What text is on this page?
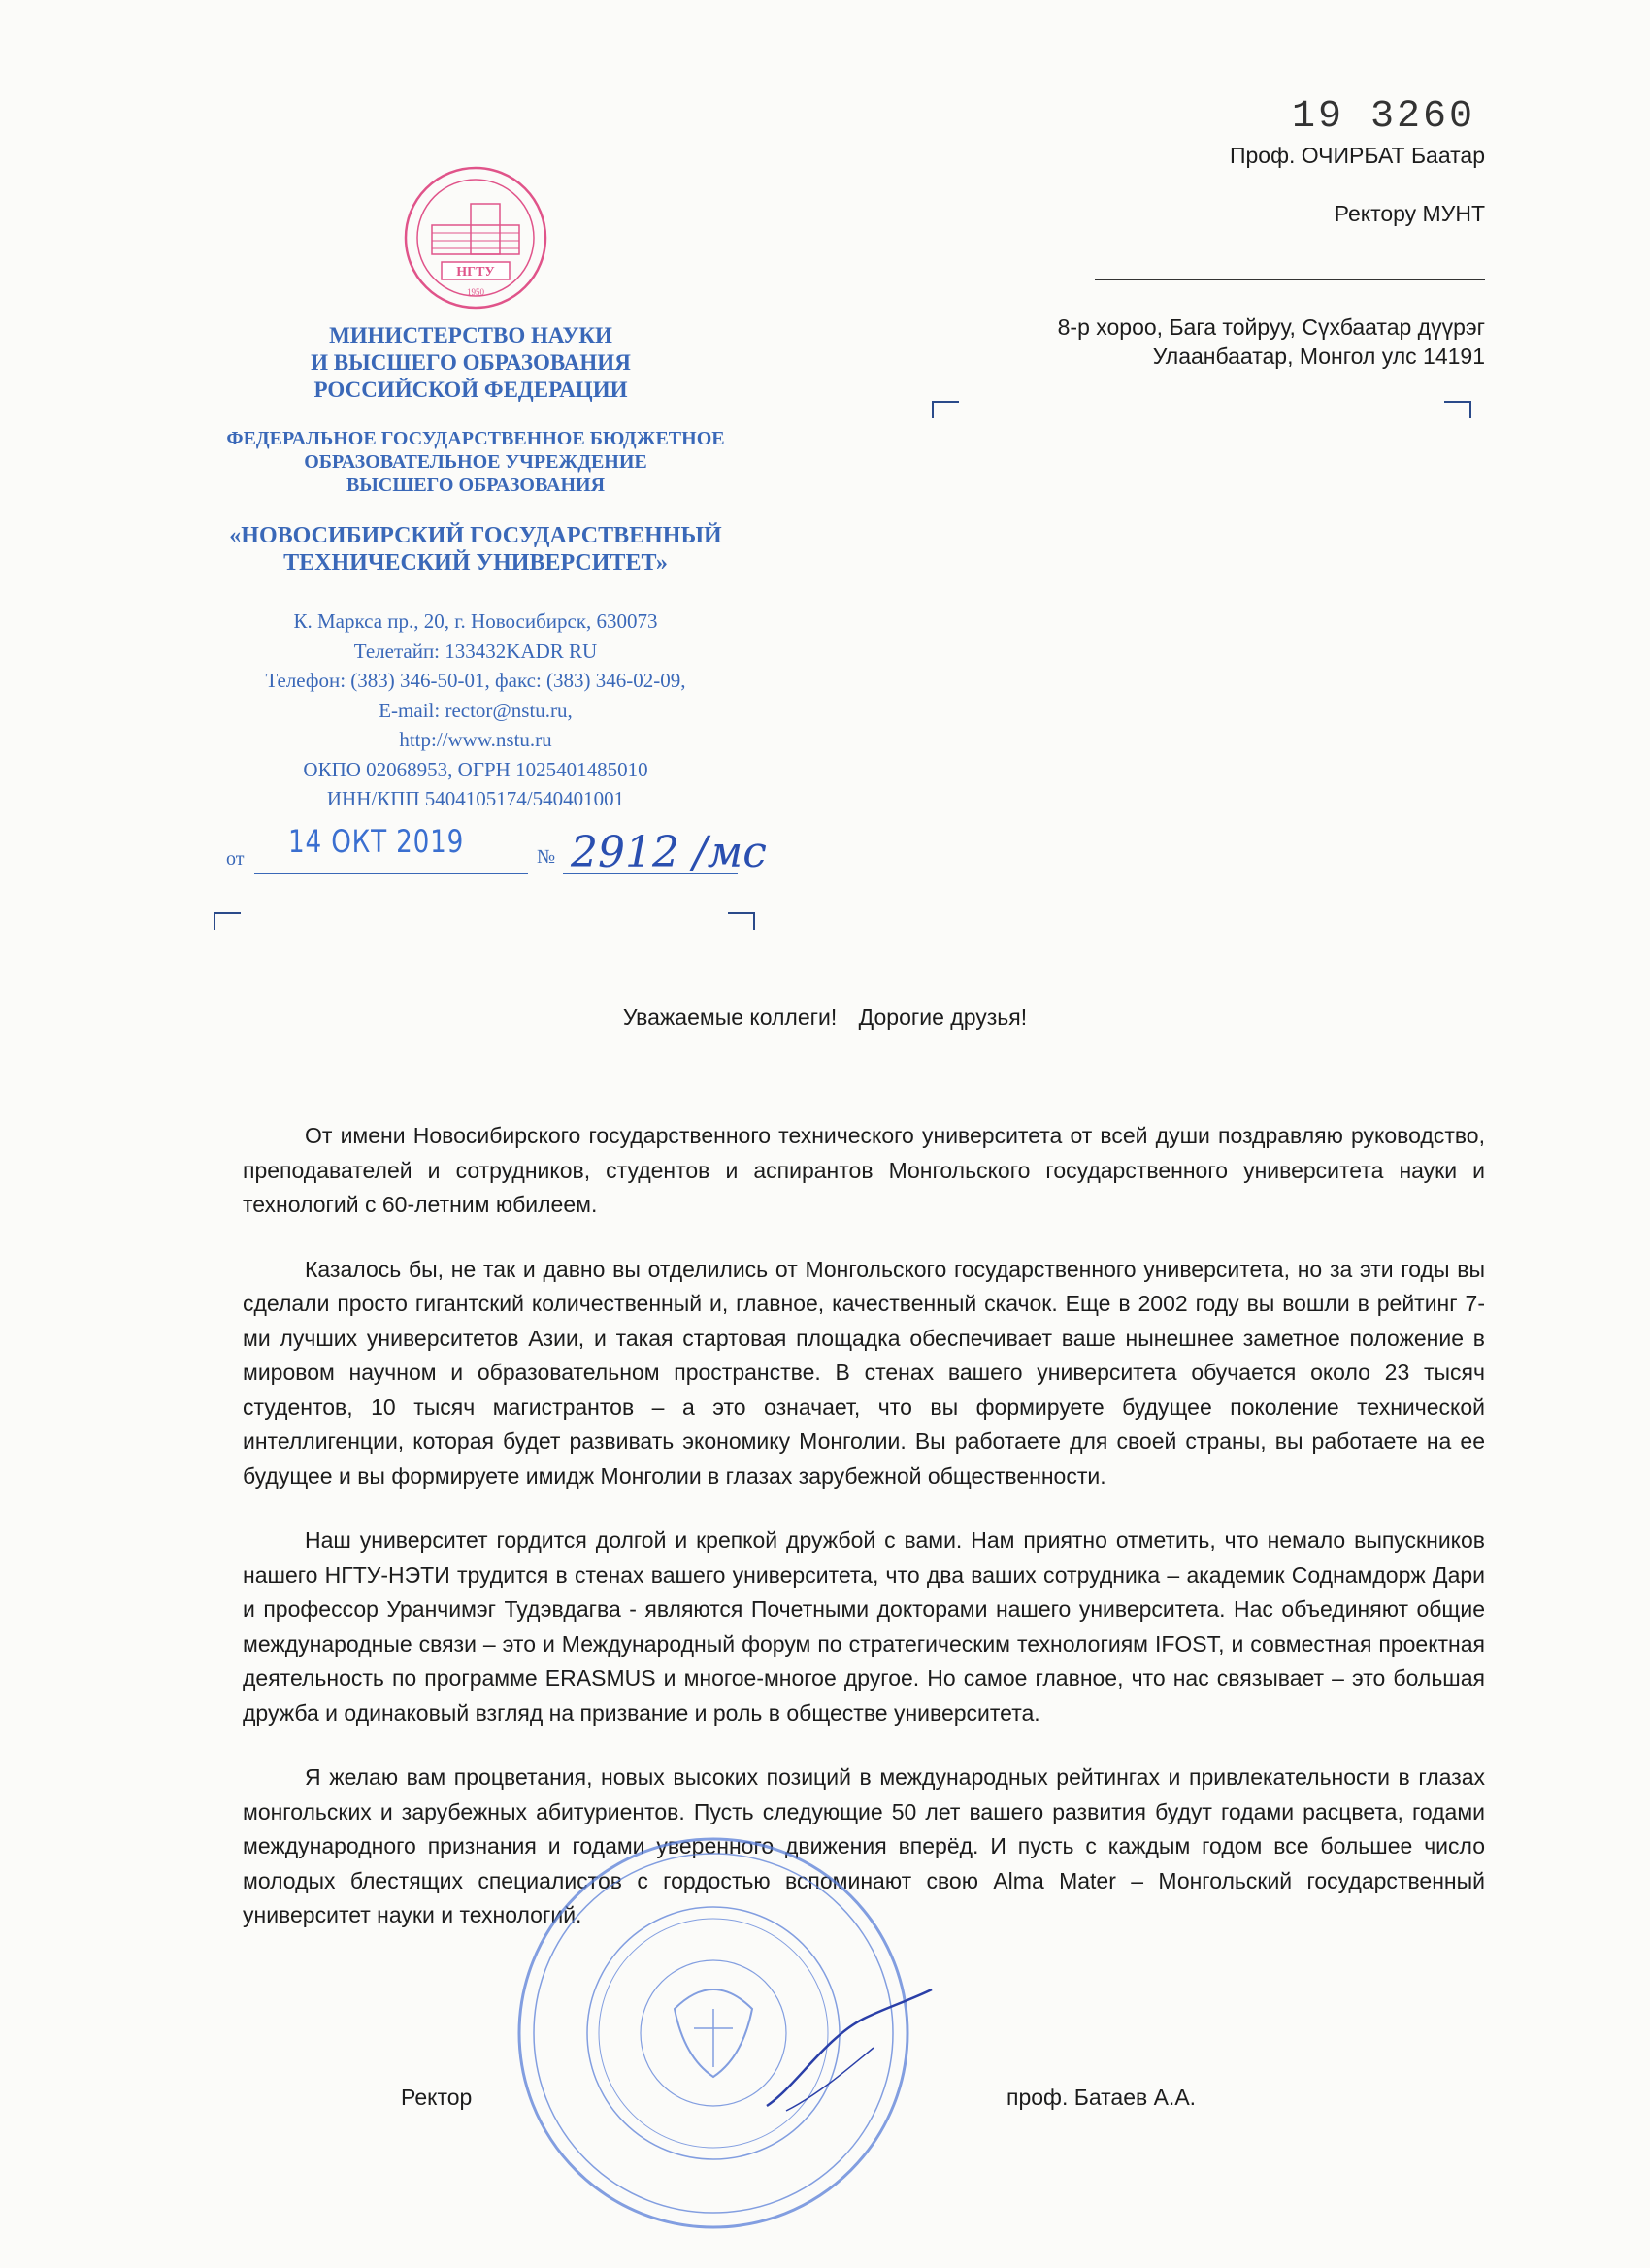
19 3260
Проф. ОЧИРБАТ Баатар
Ректору МУНТ
8-р хороо, Бага тойруу, Сүхбаатар дүүрэг
Улаанбаатар, Монгол улс 14191
НГТУ
1950
МИНИСТЕРСТВО НАУКИ
И ВЫСШЕГО ОБРАЗОВАНИЯ
РОССИЙСКОЙ ФЕДЕРАЦИИ
ФЕДЕРАЛЬНОЕ ГОСУДАРСТВЕННОЕ БЮДЖЕТНОЕ
ОБРАЗОВАТЕЛЬНОЕ УЧРЕЖДЕНИЕ
ВЫСШЕГО ОБРАЗОВАНИЯ
«НОВОСИБИРСКИЙ ГОСУДАРСТВЕННЫЙ
ТЕХНИЧЕСКИЙ УНИВЕРСИТЕТ»
К. Маркса пр., 20, г. Новосибирск, 630073
Телетайп: 133432KADR RU
Телефон: (383) 346-50-01, факс: (383) 346-02-09,
E-mail: rector@nstu.ru,
http://www.nstu.ru
ОКПО 02068953, ОГРН 1025401485010
ИНН/КПП 5404105174/540401001
от 14 ОКТ 2019	№ 2912 /мс
Уважаемые коллеги! Дорогие друзья!

От имени Новосибирского государственного технического университета от всей души поздравляю руководство, преподавателей и сотрудников, студентов и аспирантов Монгольского государственного университета науки и технологий с 60-летним юбилеем.

Казалось бы, не так и давно вы отделились от Монгольского государственного университета, но за эти годы вы сделали просто гигантский количественный и, главное, качественный скачок. Еще в 2002 году вы вошли в рейтинг 7-ми лучших университетов Азии, и такая стартовая площадка обеспечивает ваше нынешнее заметное положение в мировом научном и образовательном пространстве. В стенах вашего университета обучается около 23 тысяч студентов, 10 тысяч магистрантов – а это означает, что вы формируете будущее поколение технической интеллигенции, которая будет развивать экономику Монголии. Вы работаете для своей страны, вы работаете на ее будущее и вы формируете имидж Монголии в глазах зарубежной общественности.

Наш университет гордится долгой и крепкой дружбой с вами. Нам приятно отметить, что немало выпускников нашего НГТУ-НЭТИ трудится в стенах вашего университета, что два ваших сотрудника – академик Соднaмдорж Дари и профессор Уранчимэг Тудэвдагва - являются Почетными докторами нашего университета. Нас объединяют общие международные связи – это и Международный форум по стратегическим технологиям IFOST, и совместная проектная деятельность по программе ERASMUS и многое-многое другое. Но самое главное, что нас связывает – это большая дружба и одинаковый взгляд на призвание и роль в обществе университета.

Я желаю вам процветания, новых высоких позиций в международных рейтингах и привлекательности в глазах монгольских и зарубежных абитуриентов. Пусть следующие 50 лет вашего развития будут годами расцвета, годами международного признания и годами уверенного движения вперёд. И пусть с каждым годом все большее число молодых блестящих специалистов с гордостью вспоминают свою Alma Mater – Монгольский государственный университет науки и технологий.

Ректор	проф. Батаев А.А.
